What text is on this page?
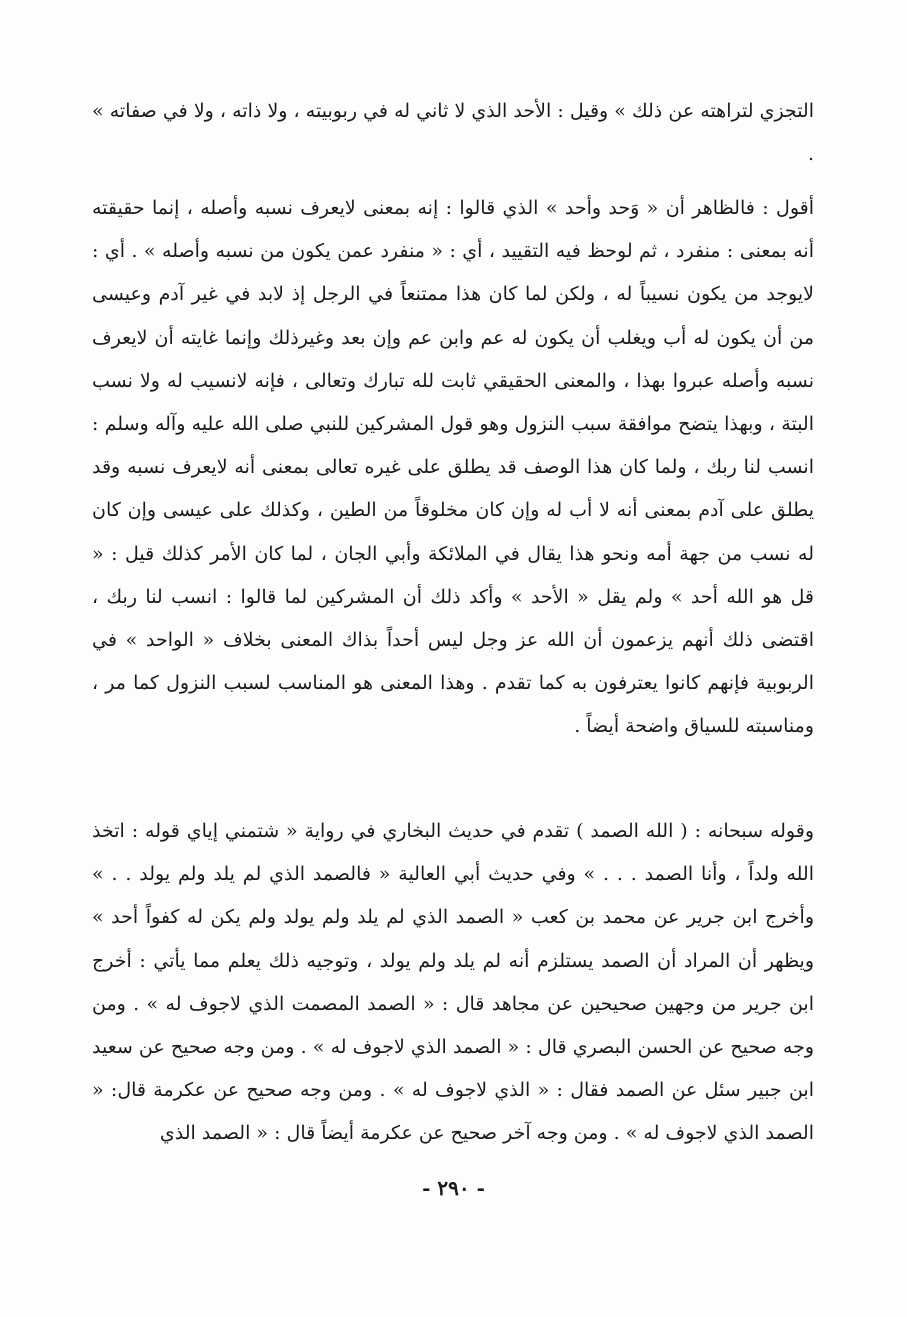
التجزي لتراهته عن ذلك » وقيل : الأحد الذي لا ثاني له في ربوبيته ، ولا ذاته ، ولا في صفاته » .

أقول : فالظاهر أن « وَحد وأحد » الذي قالوا : إنه بمعنى لايعرف نسبه وأصله ، إنما حقيقته أنه بمعنى : منفرد ، ثم لوحظ فيه التقييد ، أي : « منفرد عمن يكون من نسبه وأصله » . أي : لايوجد من يكون نسيباً له ، ولكن لما كان هذا ممتنعاً في الرجل إذ لابد في غير آدم وعيسى من أن يكون له أب ويغلب أن يكون له عم وابن عم وإن بعد وغيرذلك وإنما غايته أن لايعرف نسبه وأصله عبروا بهذا ، والمعنى الحقيقي ثابت لله تبارك وتعالى ، فإنه لانسيب له ولا نسب البتة ، وبهذا يتضح موافقة سبب النزول وهو قول المشركين للنبي صلى الله عليه وآله وسلم : انسب لنا ربك ، ولما كان هذا الوصف قد يطلق على غيره تعالى بمعنى أنه لايعرف نسبه وقد يطلق على آدم بمعنى أنه لا أب له وإن كان مخلوقاً من الطين ، وكذلك على عيسى وإن كان له نسب من جهة أمه ونحو هذا يقال في الملائكة وأبي الجان ، لما كان الأمر كذلك قيل : « قل هو الله أحد » ولم يقل « الأحد » وأكد ذلك أن المشركين لما قالوا : انسب لنا ربك ، اقتضى ذلك أنهم يزعمون أن الله عز وجل ليس أحداً بذاك المعنى بخلاف « الواحد » في الربوبية فإنهم كانوا يعترفون به كما تقدم . وهذا المعنى هو المناسب لسبب النزول كما مر ، ومناسبته للسياق واضحة أيضاً .

وقوله سبحانه : ( الله الصمد ) تقدم في حديث البخاري في رواية « شتمني إياي قوله : اتخذ الله ولداً ، وأنا الصمد . . . » وفي حديث أبي العالية « فالصمد الذي لم يلد ولم يولد . . » وأخرج ابن جرير عن محمد بن كعب « الصمد الذي لم يلد ولم يولد ولم يكن له كفواً أحد » ويظهر أن المراد أن الصمد يستلزم أنه لم يلد ولم يولد ، وتوجيه ذلك يعلم مما يأتي : أخرج ابن جرير من وجهين صحيحين عن مجاهد قال : « الصمد المصمت الذي لاجوف له » . ومن وجه صحيح عن الحسن البصري قال : « الصمد الذي لاجوف له » . ومن وجه صحيح عن سعيد ابن جبير سئل عن الصمد فقال : « الذي لاجوف له » . ومن وجه صحيح عن عكرمة قال: « الصمد الذي لاجوف له » . ومن وجه آخر صحيح عن عكرمة أيضاً قال : « الصمد الذي

- ٢٩٠ -
